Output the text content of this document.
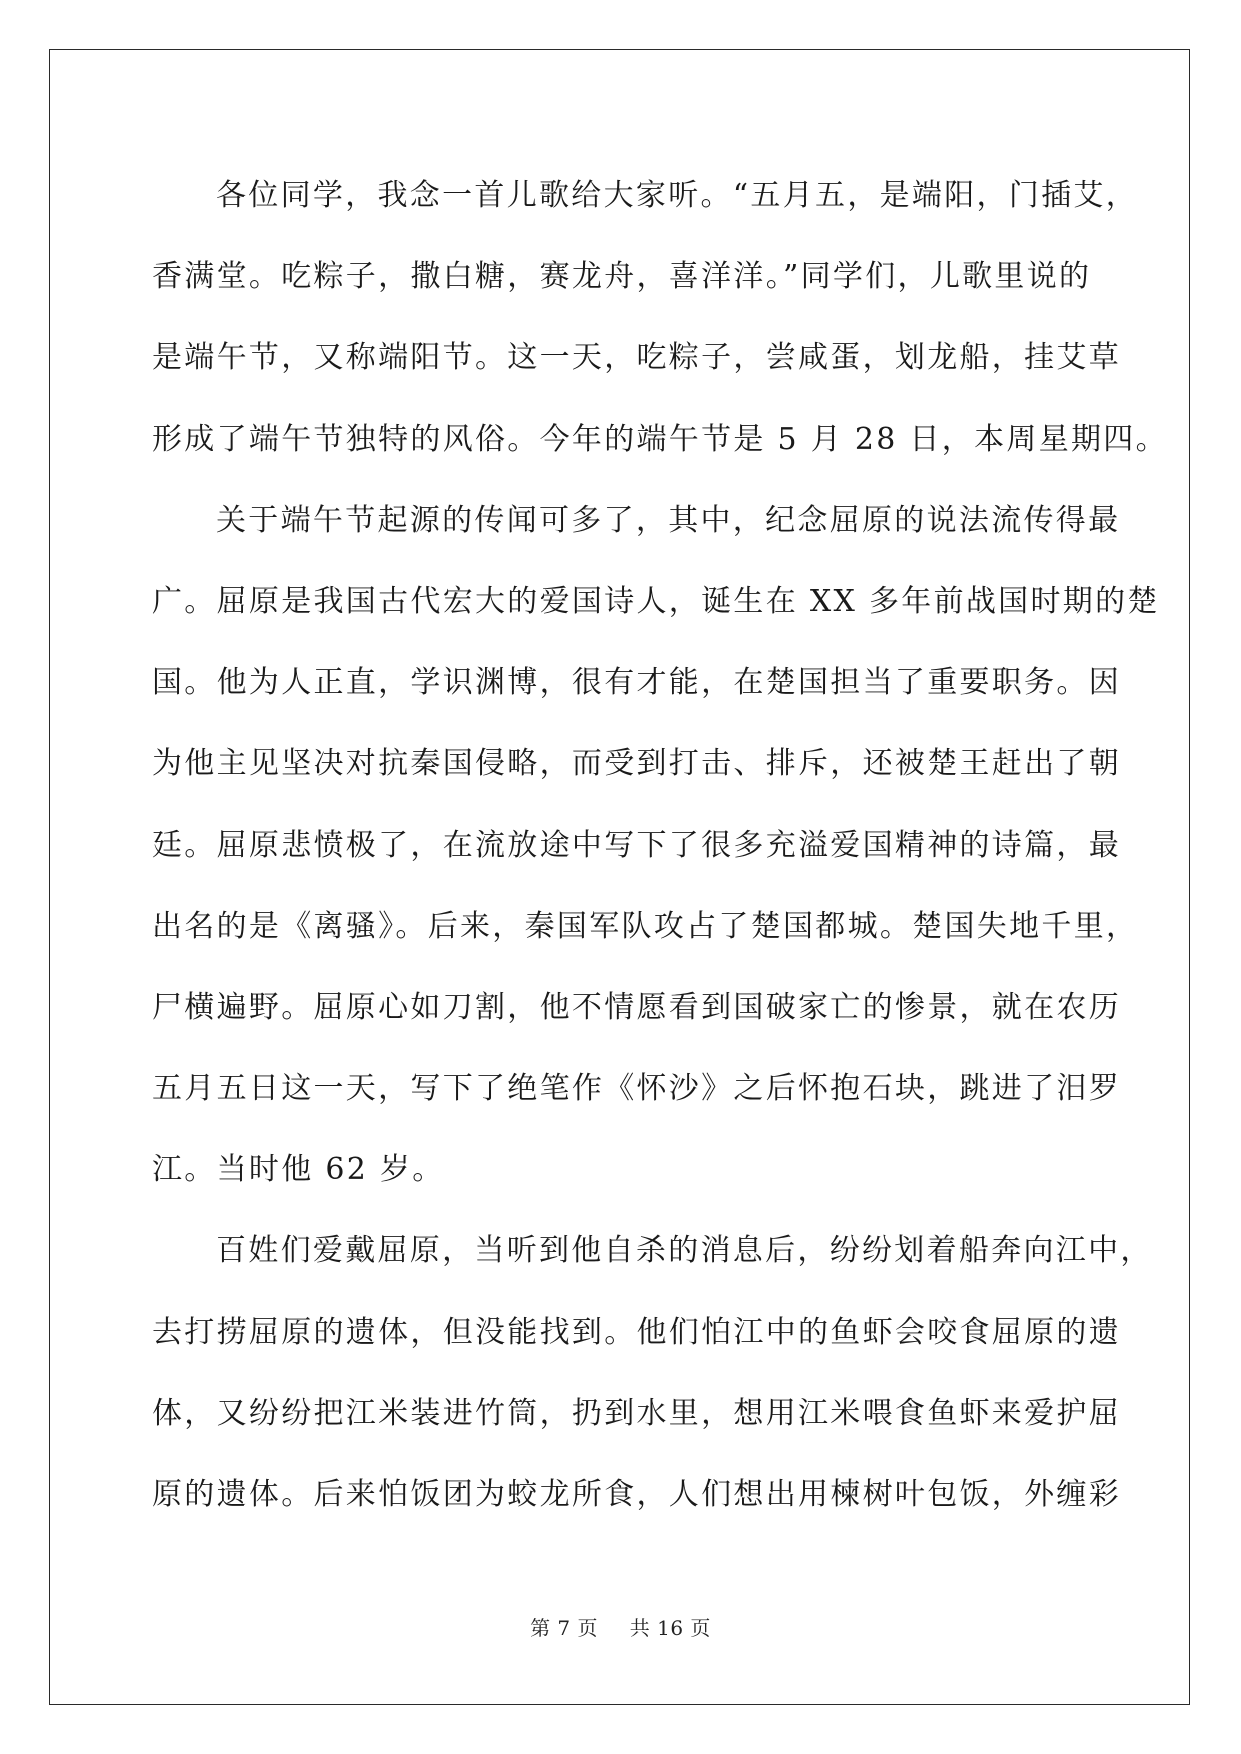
各位同学，我念一首儿歌给大家听。“五月五，是端阳，门插艾，
香满堂。吃粽子，撒白糖，赛龙舟，喜洋洋。”同学们，儿歌里说的
是端午节，又称端阳节。这一天，吃粽子，尝咸蛋，划龙船，挂艾草
形成了端午节独特的风俗。今年的端午节是 5 月 28 日，本周星期四。
关于端午节起源的传闻可多了，其中，纪念屈原的说法流传得最
广。屈原是我国古代宏大的爱国诗人，诞生在 XX 多年前战国时期的楚
国。他为人正直，学识渊博，很有才能，在楚国担当了重要职务。因
为他主见坚决对抗秦国侵略，而受到打击、排斥，还被楚王赶出了朝
廷。屈原悲愤极了，在流放途中写下了很多充溢爱国精神的诗篇，最
出名的是《离骚》。后来，秦国军队攻占了楚国都城。楚国失地千里，
尸横遍野。屈原心如刀割，他不情愿看到国破家亡的惨景，就在农历
五月五日这一天，写下了绝笔作《怀沙》之后怀抱石块，跳进了汨罗
江。当时他 62 岁。
百姓们爱戴屈原，当听到他自杀的消息后，纷纷划着船奔向江中，
去打捞屈原的遗体，但没能找到。他们怕江中的鱼虾会咬食屈原的遗
体，又纷纷把江米装进竹筒，扔到水里，想用江米喂食鱼虾来爱护屈
原的遗体。后来怕饭团为蛟龙所食，人们想出用楝树叶包饭，外缠彩
第 7 页 共 16 页
